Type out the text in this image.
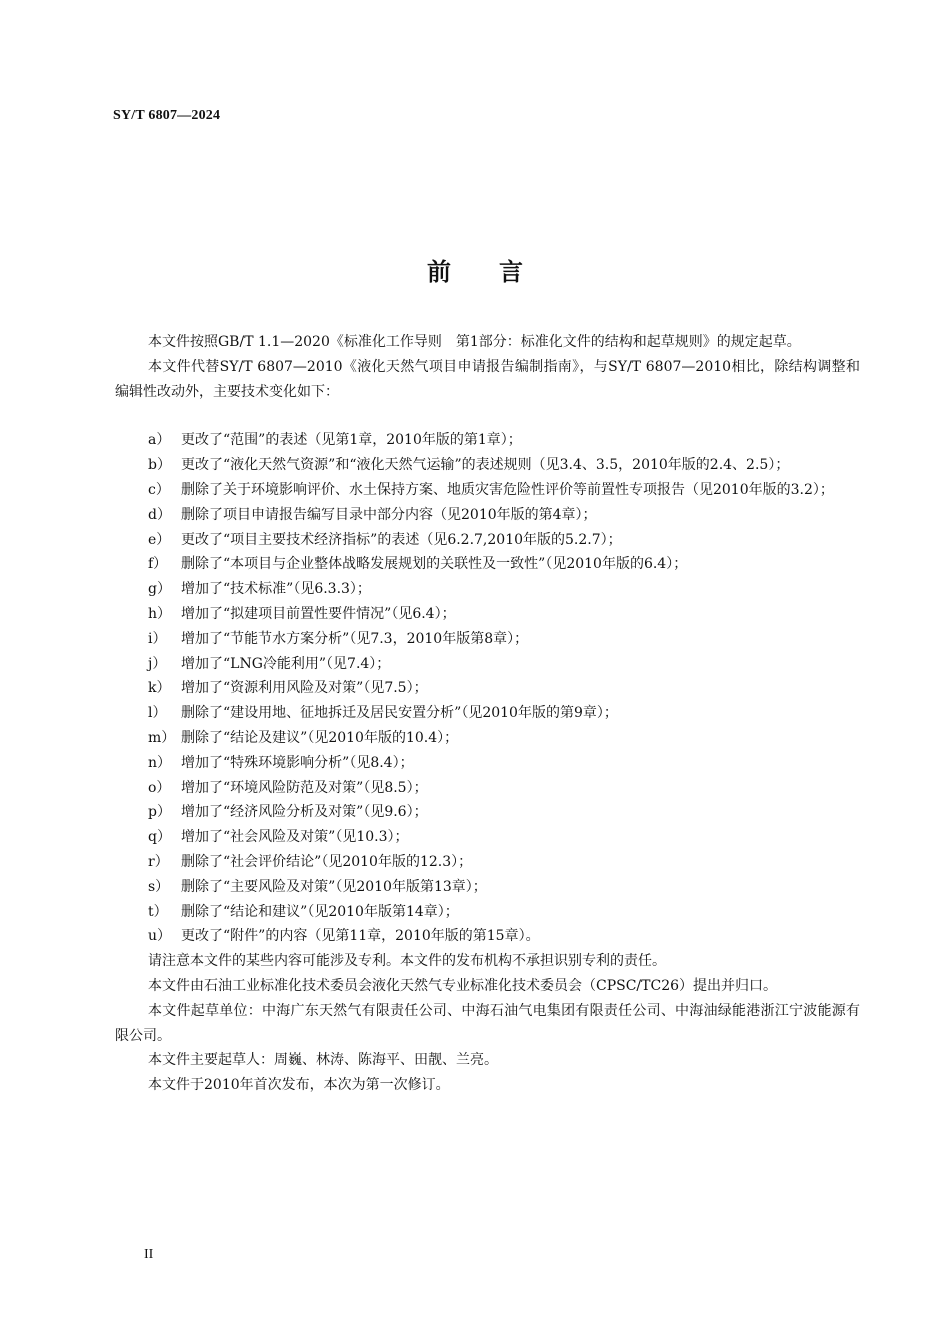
SY/T 6807—2024
前　　言

本文件按照GB/T 1.1—2020《标准化工作导则　第1部分：标准化文件的结构和起草规则》的规定起草。

本文件代替SY/T 6807—2010《液化天然气项目申请报告编制指南》，与SY/T 6807—2010相比，除结构调整和编辑性改动外，主要技术变化如下：

a） 更改了“范围”的表述（见第1章，2010年版的第1章）；
b） 更改了“液化天然气资源”和“液化天然气运输”的表述规则（见3.4、3.5，2010年版的2.4、2.5）；
c） 删除了关于环境影响评价、水土保持方案、地质灾害危险性评价等前置性专项报告（见2010年版的3.2）；
d） 删除了项目申请报告编写目录中部分内容（见2010年版的第4章）；
e） 更改了“项目主要技术经济指标”的表述（见6.2.7,2010年版的5.2.7）；
f） 删除了“本项目与企业整体战略发展规划的关联性及一致性”（见2010年版的6.4）；
g） 增加了“技术标准”（见6.3.3）；
h） 增加了“拟建项目前置性要件情况”（见6.4）；
i）	增加了“节能节水方案分析”（见7.3，2010年版第8章）；
j）	增加了“LNG冷能利用”（见7.4）；
k） 增加了“资源利用风险及对策”（见7.5）；
l）	删除了“建设用地、征地拆迁及居民安置分析”（见2010年版的第9章）；
m） 删除了“结论及建议”（见2010年版的10.4）；
n） 增加了“特殊环境影响分析”（见8.4）；
o） 增加了“环境风险防范及对策”（见8.5）；
p） 增加了“经济风险分析及对策”（见9.6）；
q） 增加了“社会风险及对策”（见10.3）；
r） 删除了“社会评价结论”（见2010年版的12.3）；
s） 删除了“主要风险及对策”（见2010年版第13章）；
t） 删除了“结论和建议”（见2010年版第14章）；
u） 更改了“附件”的内容（见第11章，2010年版的第15章）。

请注意本文件的某些内容可能涉及专利。本文件的发布机构不承担识别专利的责任。

本文件由石油工业标准化技术委员会液化天然气专业标准化技术委员会（CPSC/TC26）提出并归口。

本文件起草单位：中海广东天然气有限责任公司、中海石油气电集团有限责任公司、中海油绿能港浙江宁波能源有限公司。

本文件主要起草人：周巍、林涛、陈海平、田靓、兰亮。

本文件于2010年首次发布，本次为第一次修订。

II
